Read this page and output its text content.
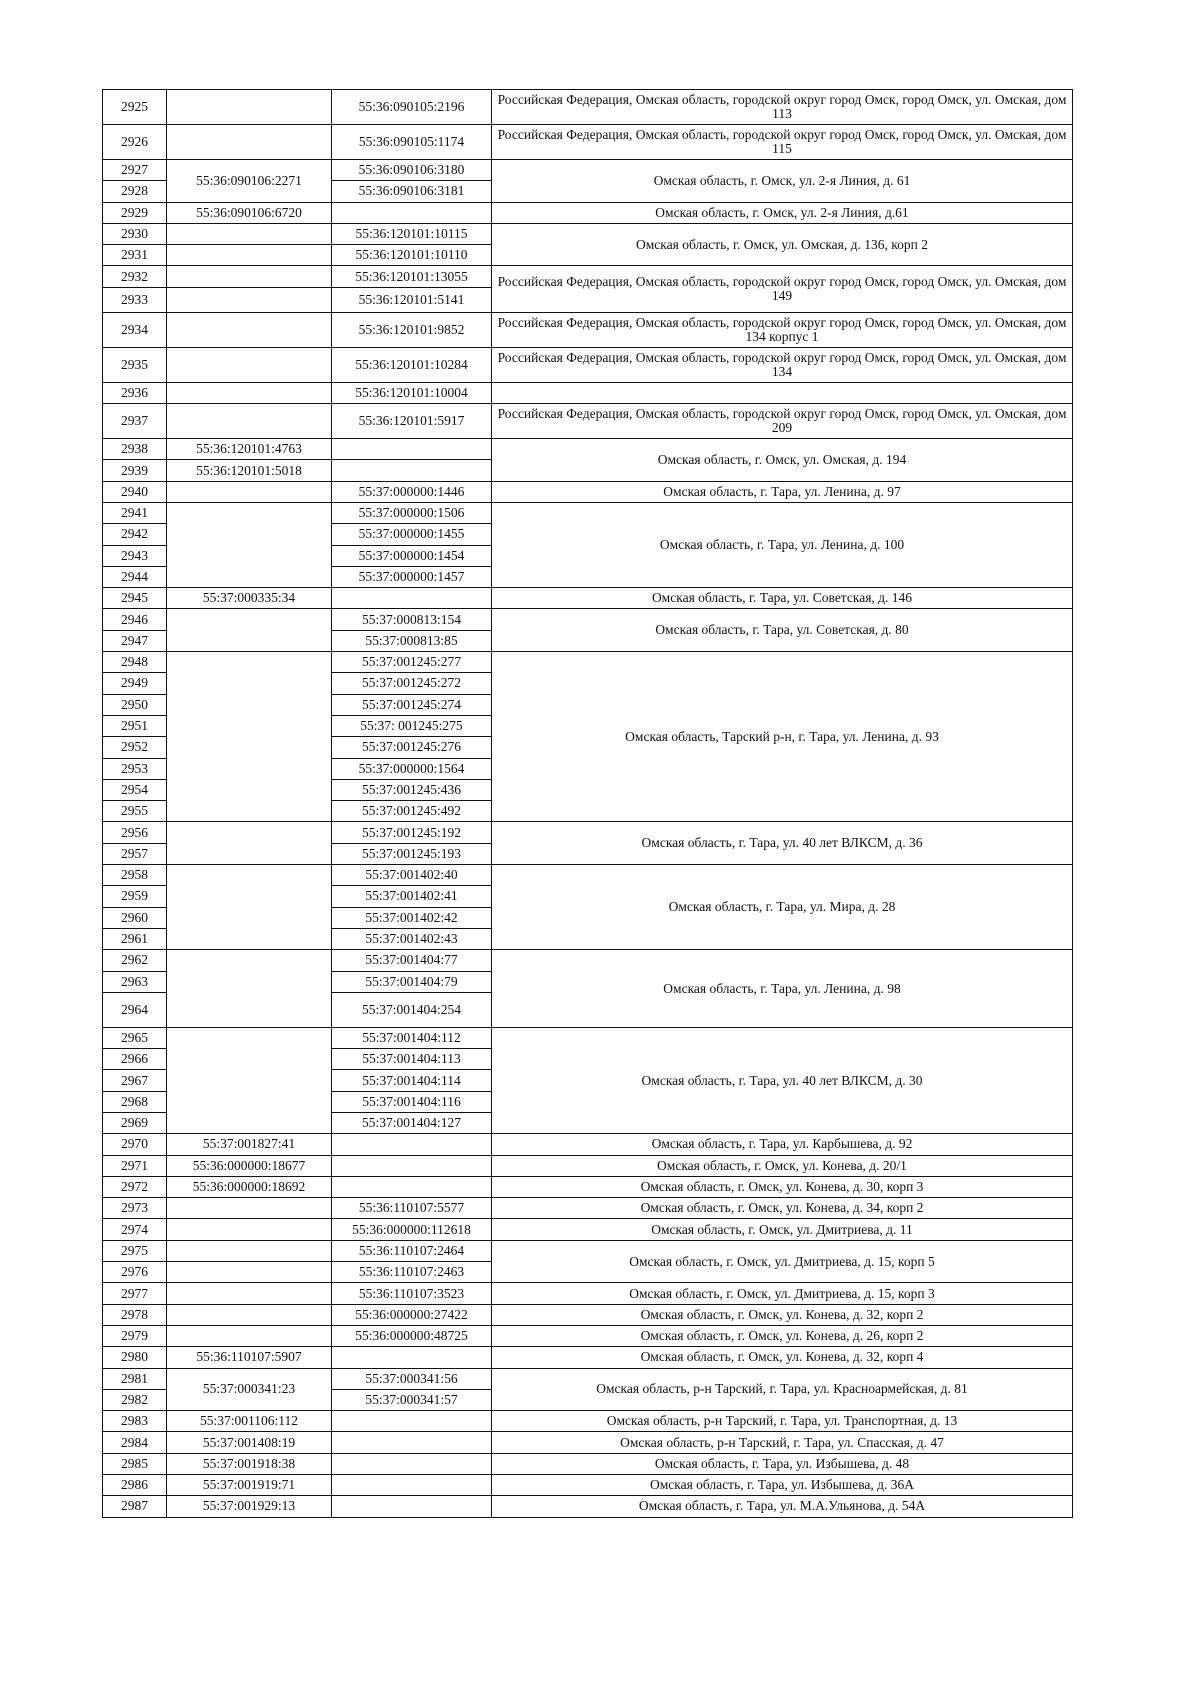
2925		55:36:090105:2196	Российская Федерация, Омская область, городской округ город Омск, город Омск, ул. Омская, дом 113
2926		55:36:090105:1174	Российская Федерация, Омская область, городской округ город Омск, город Омск, ул. Омская, дом 115
2927	55:36:090106:2271	55:36:090106:3180	Омская область, г. Омск, ул. 2-я Линия, д. 61
2928		55:36:090106:3181	
2929	55:36:090106:6720		Омская область, г. Омск, ул. 2-я Линия, д.61
2930		55:36:120101:10115	Омская область, г. Омск, ул. Омская, д. 136, корп 2
2931		55:36:120101:10110	
2932		55:36:120101:13055	Российская Федерация, Омская область, городской округ город Омск, город Омск, ул. Омская, дом 149
2933		55:36:120101:5141	
2934		55:36:120101:9852	Российская Федерация, Омская область, городской округ город Омск, город Омск, ул. Омская, дом 134 корпус 1
2935		55:36:120101:10284	Российская Федерация, Омская область, городской округ город Омск, город Омск, ул. Омская, дом 134
2936		55:36:120101:10004	
2937		55:36:120101:5917	Российская Федерация, Омская область, городской округ город Омск, город Омск, ул. Омская, дом 209
2938	55:36:120101:4763		Омская область, г. Омск, ул. Омская, д. 194
2939	55:36:120101:5018		
2940		55:37:000000:1446	Омская область, г. Тара, ул. Ленина, д. 97
2941		55:37:000000:1506	Омская область, г. Тара, ул. Ленина, д. 100
2942		55:37:000000:1455	
2943		55:37:000000:1454	
2944		55:37:000000:1457	
2945	55:37:000335:34		Омская область, г. Тара, ул. Советская, д. 146
2946		55:37:000813:154	Омская область, г. Тара, ул. Советская, д. 80
2947		55:37:000813:85	
2948		55:37:001245:277	Омская область, Тарский р-н, г. Тара, ул. Ленина, д. 93
2949		55:37:001245:272	
2950		55:37:001245:274	
2951		55:37: 001245:275	
2952		55:37:001245:276	
2953		55:37:000000:1564	
2954		55:37:001245:436	
2955		55:37:001245:492	
2956		55:37:001245:192	Омская область, г. Тара, ул. 40 лет ВЛКСМ, д. 36
2957		55:37:001245:193	
2958		55:37:001402:40	Омская область, г. Тара, ул. Мира, д. 28
2959		55:37:001402:41	
2960		55:37:001402:42	
2961		55:37:001402:43	
2962		55:37:001404:77	Омская область, г. Тара, ул. Ленина, д. 98
2963		55:37:001404:79	
2964		55:37:001404:254	
2965		55:37:001404:112	Омская область, г. Тара, ул. 40 лет ВЛКСМ, д. 30
2966		55:37:001404:113	
2967		55:37:001404:114	
2968		55:37:001404:116	
2969		55:37:001404:127	
2970	55:37:001827:41		Омская область, г. Тара, ул. Карбышева, д. 92
2971	55:36:000000:18677		Омская область, г. Омск, ул. Конева, д. 20/1
2972	55:36:000000:18692		Омская область, г. Омск, ул. Конева, д. 30, корп 3
2973		55:36:110107:5577	Омская область, г. Омск, ул. Конева, д. 34, корп 2
2974		55:36:000000:112618	Омская область, г. Омск, ул. Дмитриева, д. 11
2975		55:36:110107:2464	Омская область, г. Омск, ул. Дмитриева, д. 15, корп 5
2976		55:36:110107:2463	
2977		55:36:110107:3523	Омская область, г. Омск, ул. Дмитриева, д. 15, корп 3
2978		55:36:000000:27422	Омская область, г. Омск, ул. Конева, д. 32, корп 2
2979		55:36:000000:48725	Омская область, г. Омск, ул. Конева, д. 26, корп 2
2980	55:36:110107:5907		Омская область, г. Омск, ул. Конева, д. 32, корп 4
2981	55:37:000341:23	55:37:000341:56	Омская область, р-н Тарский, г. Тара, ул. Красноармейская, д. 81
2982		55:37:000341:57	
2983	55:37:001106:112		Омская область, р-н Тарский, г. Тара, ул. Транспортная, д. 13
2984	55:37:001408:19		Омская область, р-н Тарский, г. Тара, ул. Спасская, д. 47
2985	55:37:001918:38		Омская область, г. Тара, ул. Избышева, д. 48
2986	55:37:001919:71		Омская область, г. Тара, ул. Избышева, д. 36А
2987	55:37:001929:13		Омская область, г. Тара, ул. М.А.Ульянова, д. 54А
